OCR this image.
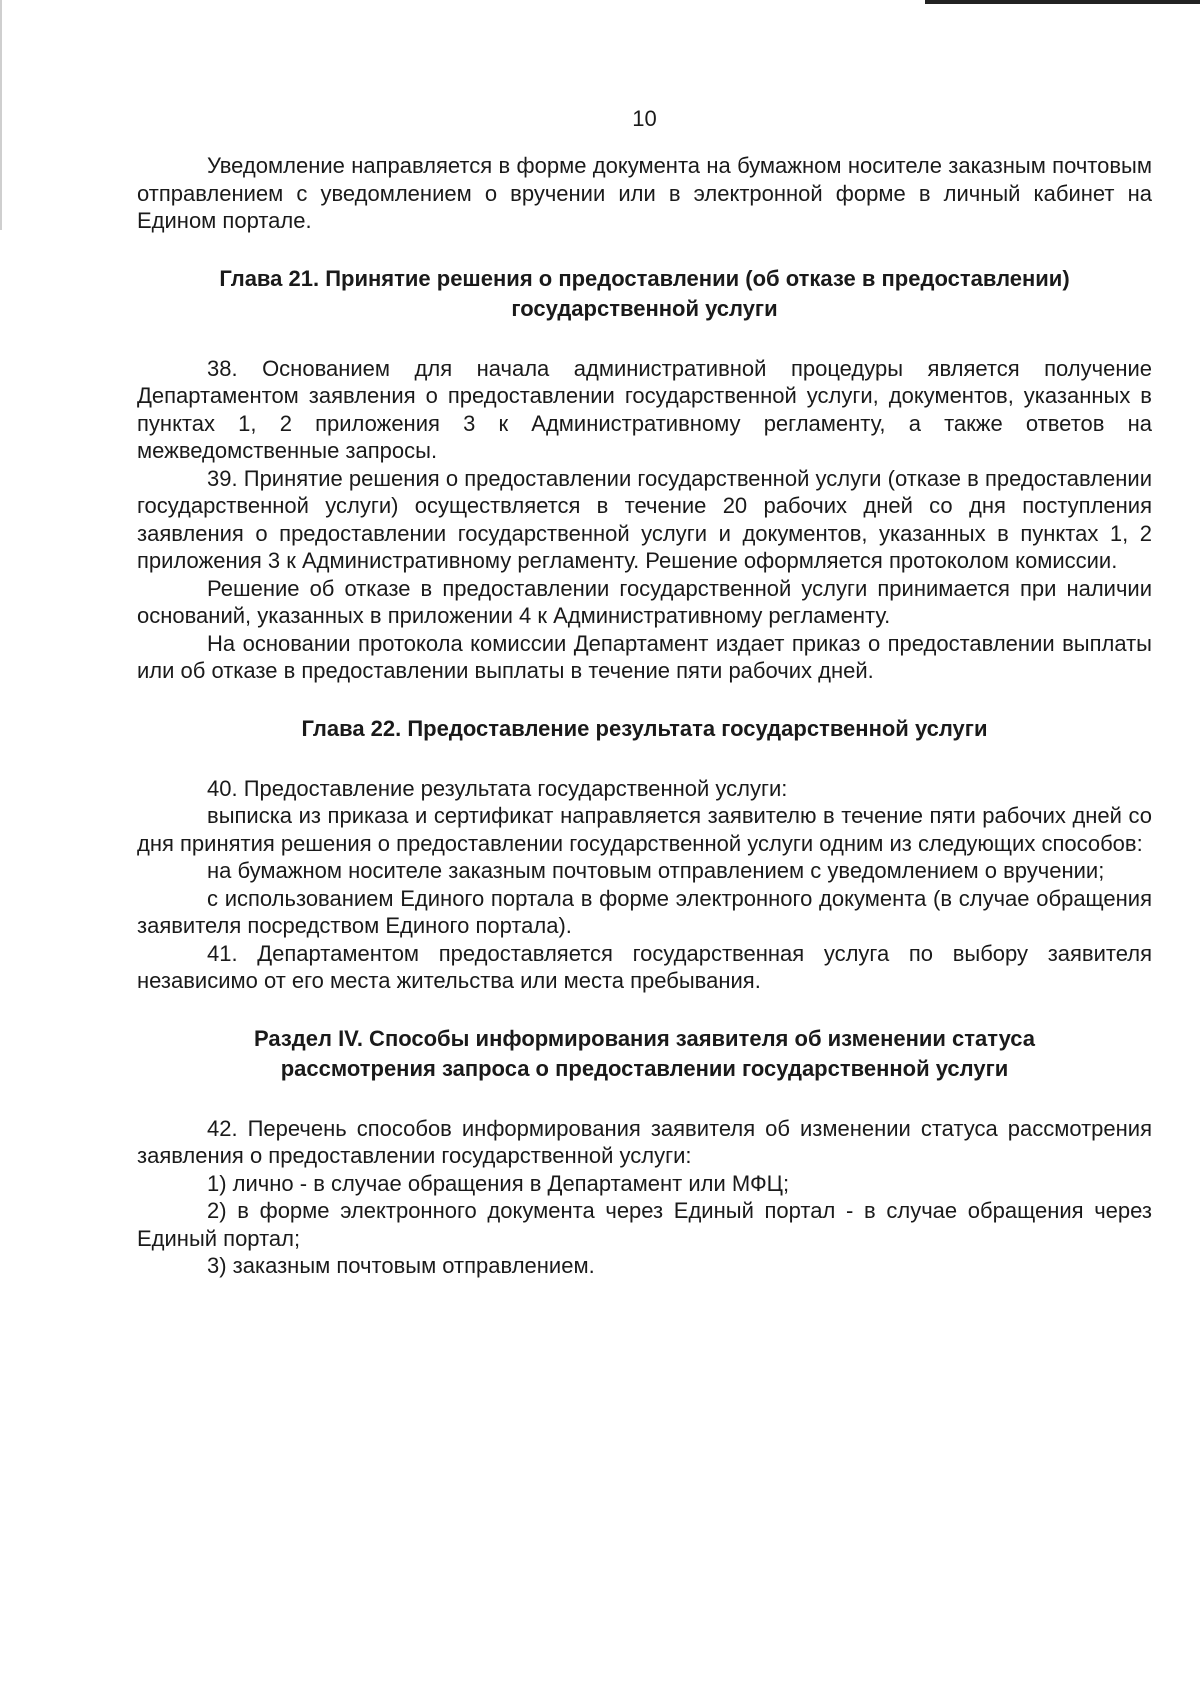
10

Уведомление направляется в форме документа на бумажном носителе заказным почтовым отправлением с уведомлением о вручении или в электронной форме в личный кабинет на Едином портале.

Глава 21. Принятие решения о предоставлении (об отказе в предоставлении)
государственной услуги

38. Основанием для начала административной процедуры является получение Департаментом заявления о предоставлении государственной услуги, документов, указанных в пунктах 1, 2 приложения 3 к Административному регламенту, а также ответов на межведомственные запросы.

39. Принятие решения о предоставлении государственной услуги (отказе в предоставлении государственной услуги) осуществляется в течение 20 рабочих дней со дня поступления заявления о предоставлении государственной услуги и документов, указанных в пунктах 1, 2 приложения 3 к Административному регламенту. Решение оформляется протоколом комиссии.

Решение об отказе в предоставлении государственной услуги принимается при наличии оснований, указанных в приложении 4 к Административному регламенту.

На основании протокола комиссии Департамент издает приказ о предоставлении выплаты или об отказе в предоставлении выплаты в течение пяти рабочих дней.

Глава 22. Предоставление результата государственной услуги

40. Предоставление результата государственной услуги:

выписка из приказа и сертификат направляется заявителю в течение пяти рабочих дней со дня принятия решения о предоставлении государственной услуги одним из следующих способов:

на бумажном носителе заказным почтовым отправлением с уведомлением о вручении;

с использованием Единого портала в форме электронного документа (в случае обращения заявителя посредством Единого портала).

41. Департаментом предоставляется государственная услуга по выбору заявителя независимо от его места жительства или места пребывания.

Раздел IV. Способы информирования заявителя об изменении статуса
рассмотрения запроса о предоставлении государственной услуги

42. Перечень способов информирования заявителя об изменении статуса рассмотрения заявления о предоставлении государственной услуги:

1) лично - в случае обращения в Департамент или МФЦ;

2) в форме электронного документа через Единый портал - в случае обращения через Единый портал;

3) заказным почтовым отправлением.
